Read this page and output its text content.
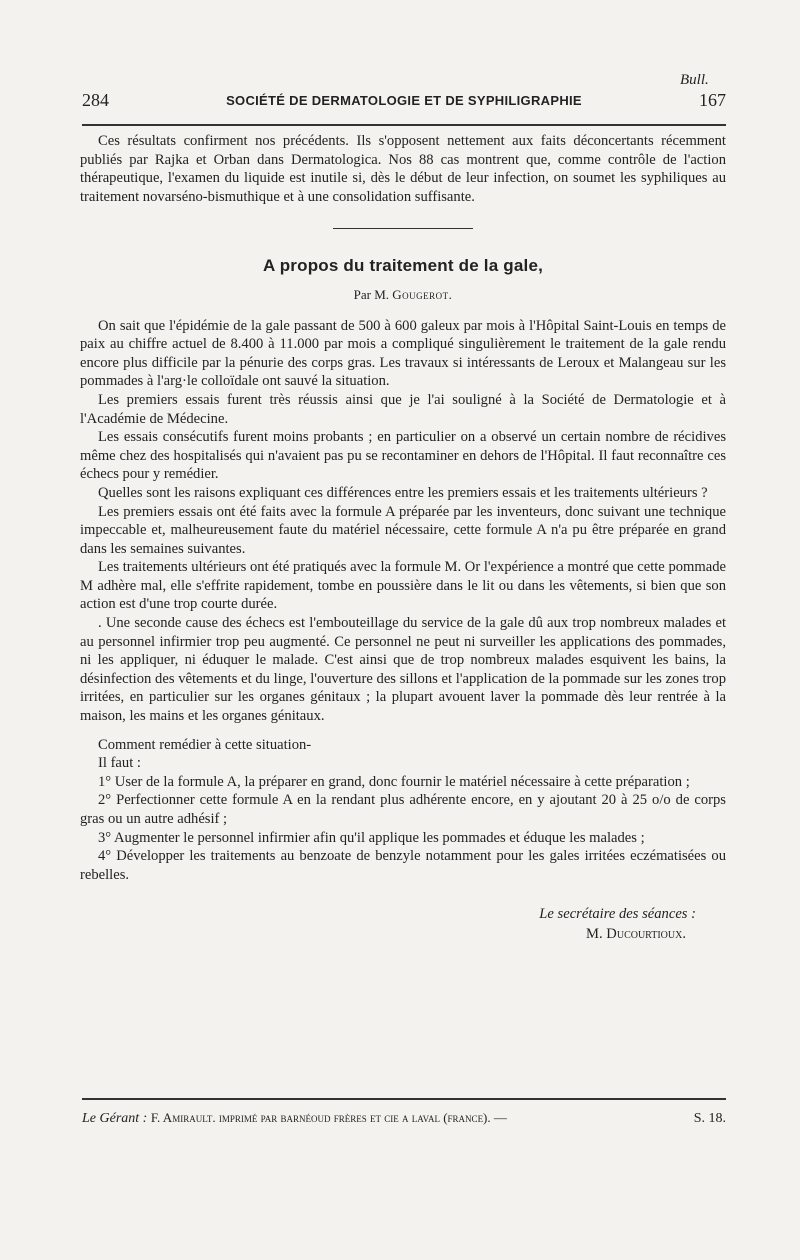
Bull.
284	SOCIÉTÉ DE DERMATOLOGIE ET DE SYPHILIGRAPHIE	167

Ces résultats confirment nos précédents. Ils s'opposent nettement aux faits déconcertants récemment publiés par Rajka et Orban dans Dermatologica. Nos 88 cas montrent que, comme contrôle de l'action thérapeutique, l'examen du liquide est inutile si, dès le début de leur infection, on soumet les syphiliques au traitement novarséno-bismuthique et à une consolidation suffisante.

A propos du traitement de la gale,
Par M. Gougerot.

On sait que l'épidémie de la gale passant de 500 à 600 galeux par mois à l'Hôpital Saint-Louis en temps de paix au chiffre actuel de 8.400 à 11.000 par mois a compliqué singulièrement le traitement de la gale rendu encore plus difficile par la pénurie des corps gras. Les travaux si intéressants de Leroux et Malangeau sur les pommades à l'arg·le colloïdale ont sauvé la situation.

Les premiers essais furent très réussis ainsi que je l'ai souligné à la Société de Dermatologie et à l'Académie de Médecine.

Les essais consécutifs furent moins probants ; en particulier on a observé un certain nombre de récidives même chez des hospitalisés qui n'avaient pas pu se recontaminer en dehors de l'Hôpital. Il faut reconnaître ces échecs pour y remédier.

Quelles sont les raisons expliquant ces différences entre les premiers essais et les traitements ultérieurs ?

Les premiers essais ont été faits avec la formule A préparée par les inventeurs, donc suivant une technique impeccable et, malheureusement faute du matériel nécessaire, cette formule A n'a pu être préparée en grand dans les semaines suivantes.

Les traitements ultérieurs ont été pratiqués avec la formule M. Or l'expérience a montré que cette pommade M adhère mal, elle s'effrite rapidement, tombe en poussière dans le lit ou dans les vêtements, si bien que son action est d'une trop courte durée.

. Une seconde cause des échecs est l'embouteillage du service de la gale dû aux trop nombreux malades et au personnel infirmier trop peu augmenté. Ce personnel ne peut ni surveiller les applications des pommades, ni les appliquer, ni éduquer le malade. C'est ainsi que de trop nombreux malades esquivent les bains, la désinfection des vêtements et du linge, l'ouverture des sillons et l'application de la pommade sur les zones trop irritées, en particulier sur les organes génitaux ; la plupart avouent laver la pommade dès leur rentrée à la maison, les mains et les organes génitaux.

Comment remédier à cette situation-

Il faut :

1° User de la formule A, la préparer en grand, donc fournir le matériel nécessaire à cette préparation ;

2° Perfectionner cette formule A en la rendant plus adhérente encore, en y ajoutant 20 à 25 o/o de corps gras ou un autre adhésif ;

3° Augmenter le personnel infirmier afin qu'il applique les pommades et éduque les malades ;

4° Développer les traitements au benzoate de benzyle notamment pour les gales irritées eczématisées ou rebelles.

Le secrétaire des séances :
M. Ducourtioux.
Le Gérant : F. Amirault. imprimé par barnéoud frères et cie a laval (france). —	S. 18.
